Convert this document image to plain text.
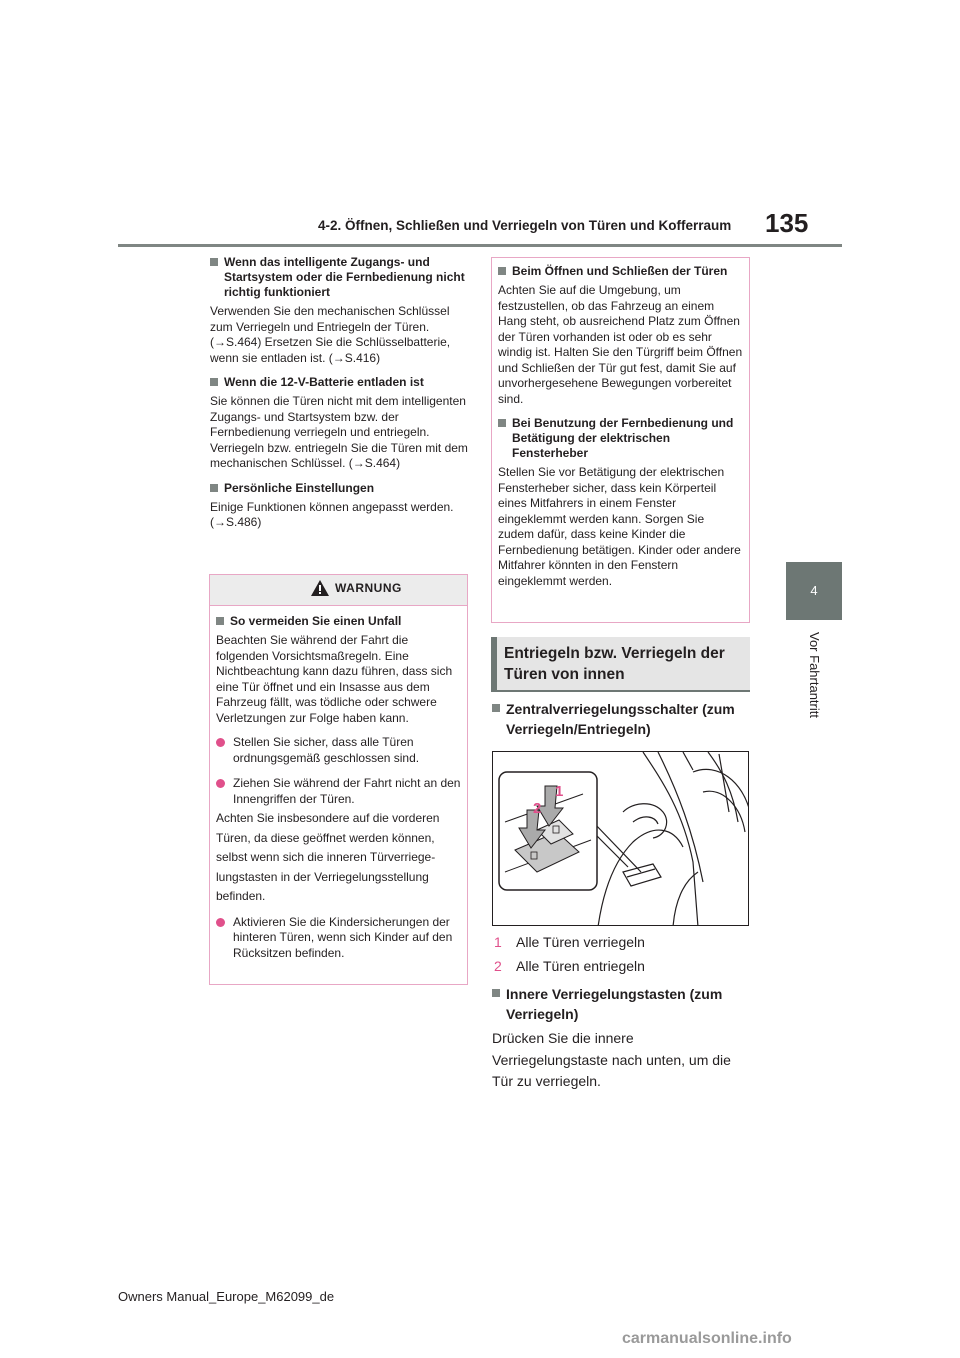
4-2. Öffnen, Schließen und Verriegeln von Türen und Kofferraum 135
4
Vor Fahrtantritt
Wenn das intelligente Zugangs- und Startsystem oder die Fernbedienung nicht richtig funktioniert

Verwenden Sie den mechanischen Schlüssel zum Verriegeln und Entriegeln der Türen. (→S.464) Ersetzen Sie die Schlüsselbatterie, wenn sie entladen ist. (→S.416)

Wenn die 12-V-Batterie entladen ist

Sie können die Türen nicht mit dem intelligenten Zugangs- und Startsystem bzw. der Fernbedienung verriegeln und entriegeln. Verriegeln bzw. entriegeln Sie die Türen mit dem mechanischen Schlüssel. (→S.464)

Persönliche Einstellungen

Einige Funktionen können angepasst werden. (→S.486)

WARNUNG
So vermeiden Sie einen Unfall

Beachten Sie während der Fahrt die folgenden Vorsichtsmaßregeln. Eine Nichtbeachtung kann dazu führen, dass sich eine Tür öffnet und ein Insasse aus dem Fahrzeug fällt, was tödliche oder schwere Verletzungen zur Folge haben kann.

Stellen Sie sicher, dass alle Türen ordnungsgemäß geschlossen sind.
Ziehen Sie während der Fahrt nicht an den Innengriffen der Türen.
Achten Sie insbesondere auf die vorderen
Türen, da diese geöffnet werden können,
selbst wenn sich die inneren Türverriege-
lungstasten in der Verriegelungsstellung
befinden.
Aktivieren Sie die Kindersicherungen der hinteren Türen, wenn sich Kinder auf den Rücksitzen befinden.
Beim Öffnen und Schließen der Türen

Achten Sie auf die Umgebung, um festzustellen, ob das Fahrzeug an einem Hang steht, ob ausreichend Platz zum Öffnen der Türen vorhanden ist oder ob es sehr windig ist. Halten Sie den Türgriff beim Öffnen und Schließen der Tür gut fest, damit Sie auf unvorhergesehene Bewegungen vorbereitet sind.

Bei Benutzung der Fernbedienung und Betätigung der elektrischen Fensterheber

Stellen Sie vor Betätigung der elektrischen Fensterheber sicher, dass kein Körperteil eines Mitfahrers in einem Fenster eingeklemmt werden kann. Sorgen Sie zudem dafür, dass keine Kinder die Fernbedienung betätigen. Kinder oder andere Mitfahrer könnten in den Fenstern eingeklemmt werden.

Entriegeln bzw. Verriegeln der Türen von innen
Zentralverriegelungsschalter (zum Verriegeln/Entriegeln)
1
2
1	Alle Türen verriegeln
2	Alle Türen entriegeln
Innere Verriegelungstasten (zum Verriegeln)
Drücken Sie die innere Verriegelungstaste nach unten, um die Tür zu verriegeln.
Owners Manual_Europe_M62099_de
carmanualsonline.info
